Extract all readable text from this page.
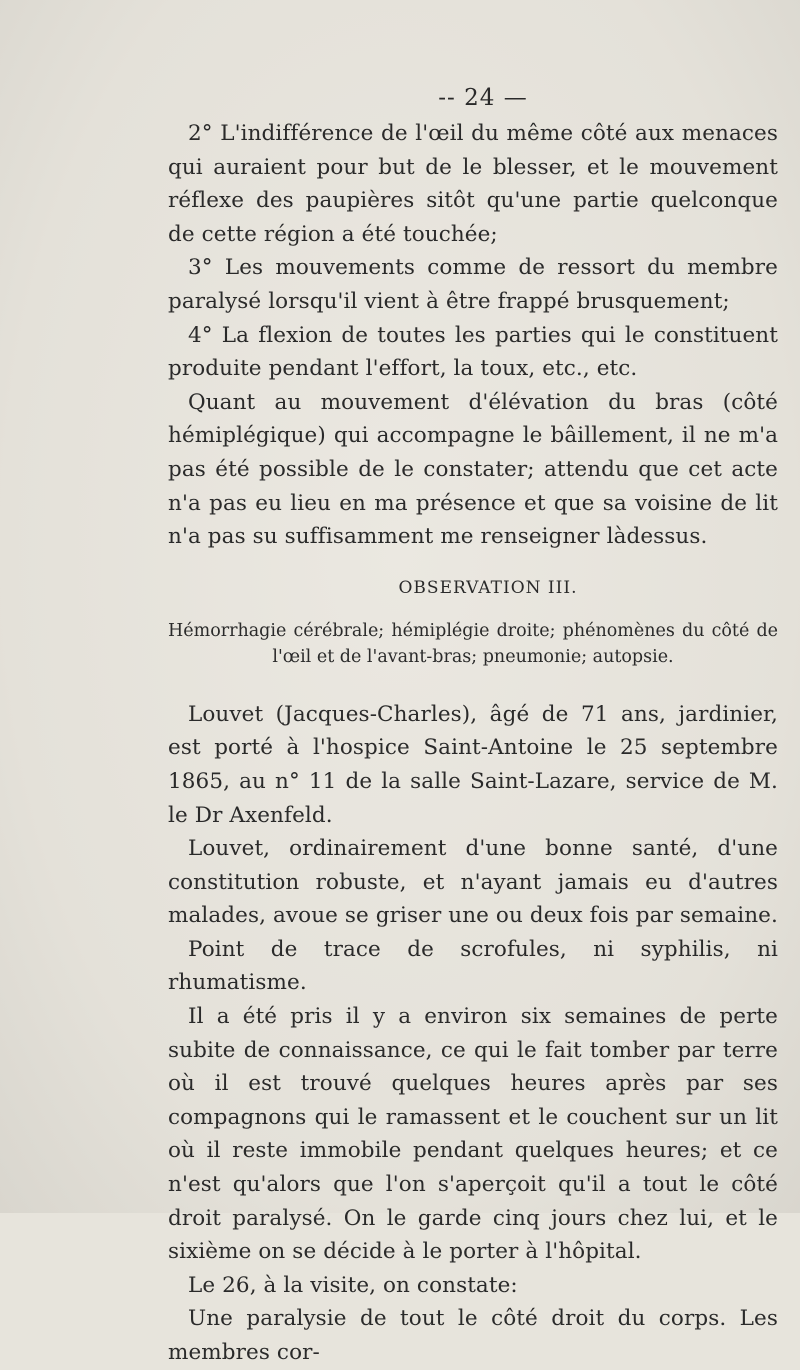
-- 24 —

2° L'indifférence de l'œil du même côté aux menaces qui auraient pour but de le blesser, et le mouvement réflexe des paupières sitôt qu'une partie quelconque de cette région a été touchée;

3° Les mouvements comme de ressort du membre paralysé lorsqu'il vient à être frappé brusquement;

4° La flexion de toutes les parties qui le constituent produite pendant l'effort, la toux, etc., etc.

Quant au mouvement d'élévation du bras (côté hémiplégique) qui accompagne le bâillement, il ne m'a pas été possible de le constater; attendu que cet acte n'a pas eu lieu en ma présence et que sa voisine de lit n'a pas su suffisamment me renseigner làdessus.

OBSERVATION III.
Hémorrhagie cérébrale; hémiplégie droite; phénomènes du côté de l'œil et de l'avant-bras; pneumonie; autopsie.

Louvet (Jacques-Charles), âgé de 71 ans, jardinier, est porté à l'hospice Saint-Antoine le 25 septembre 1865, au n° 11 de la salle Saint-Lazare, service de M. le Dr Axenfeld.

Louvet, ordinairement d'une bonne santé, d'une constitution robuste, et n'ayant jamais eu d'autres malades, avoue se griser une ou deux fois par semaine.

Point de trace de scrofules, ni syphilis, ni rhumatisme.

Il a été pris il y a environ six semaines de perte subite de connaissance, ce qui le fait tomber par terre où il est trouvé quelques heures après par ses compagnons qui le ramassent et le couchent sur un lit où il reste immobile pendant quelques heures; et ce n'est qu'alors que l'on s'aperçoit qu'il a tout le côté droit paralysé. On le garde cinq jours chez lui, et le sixième on se décide à le porter à l'hôpital.

Le 26, à la visite, on constate:

Une paralysie de tout le côté droit du corps. Les membres cor-
